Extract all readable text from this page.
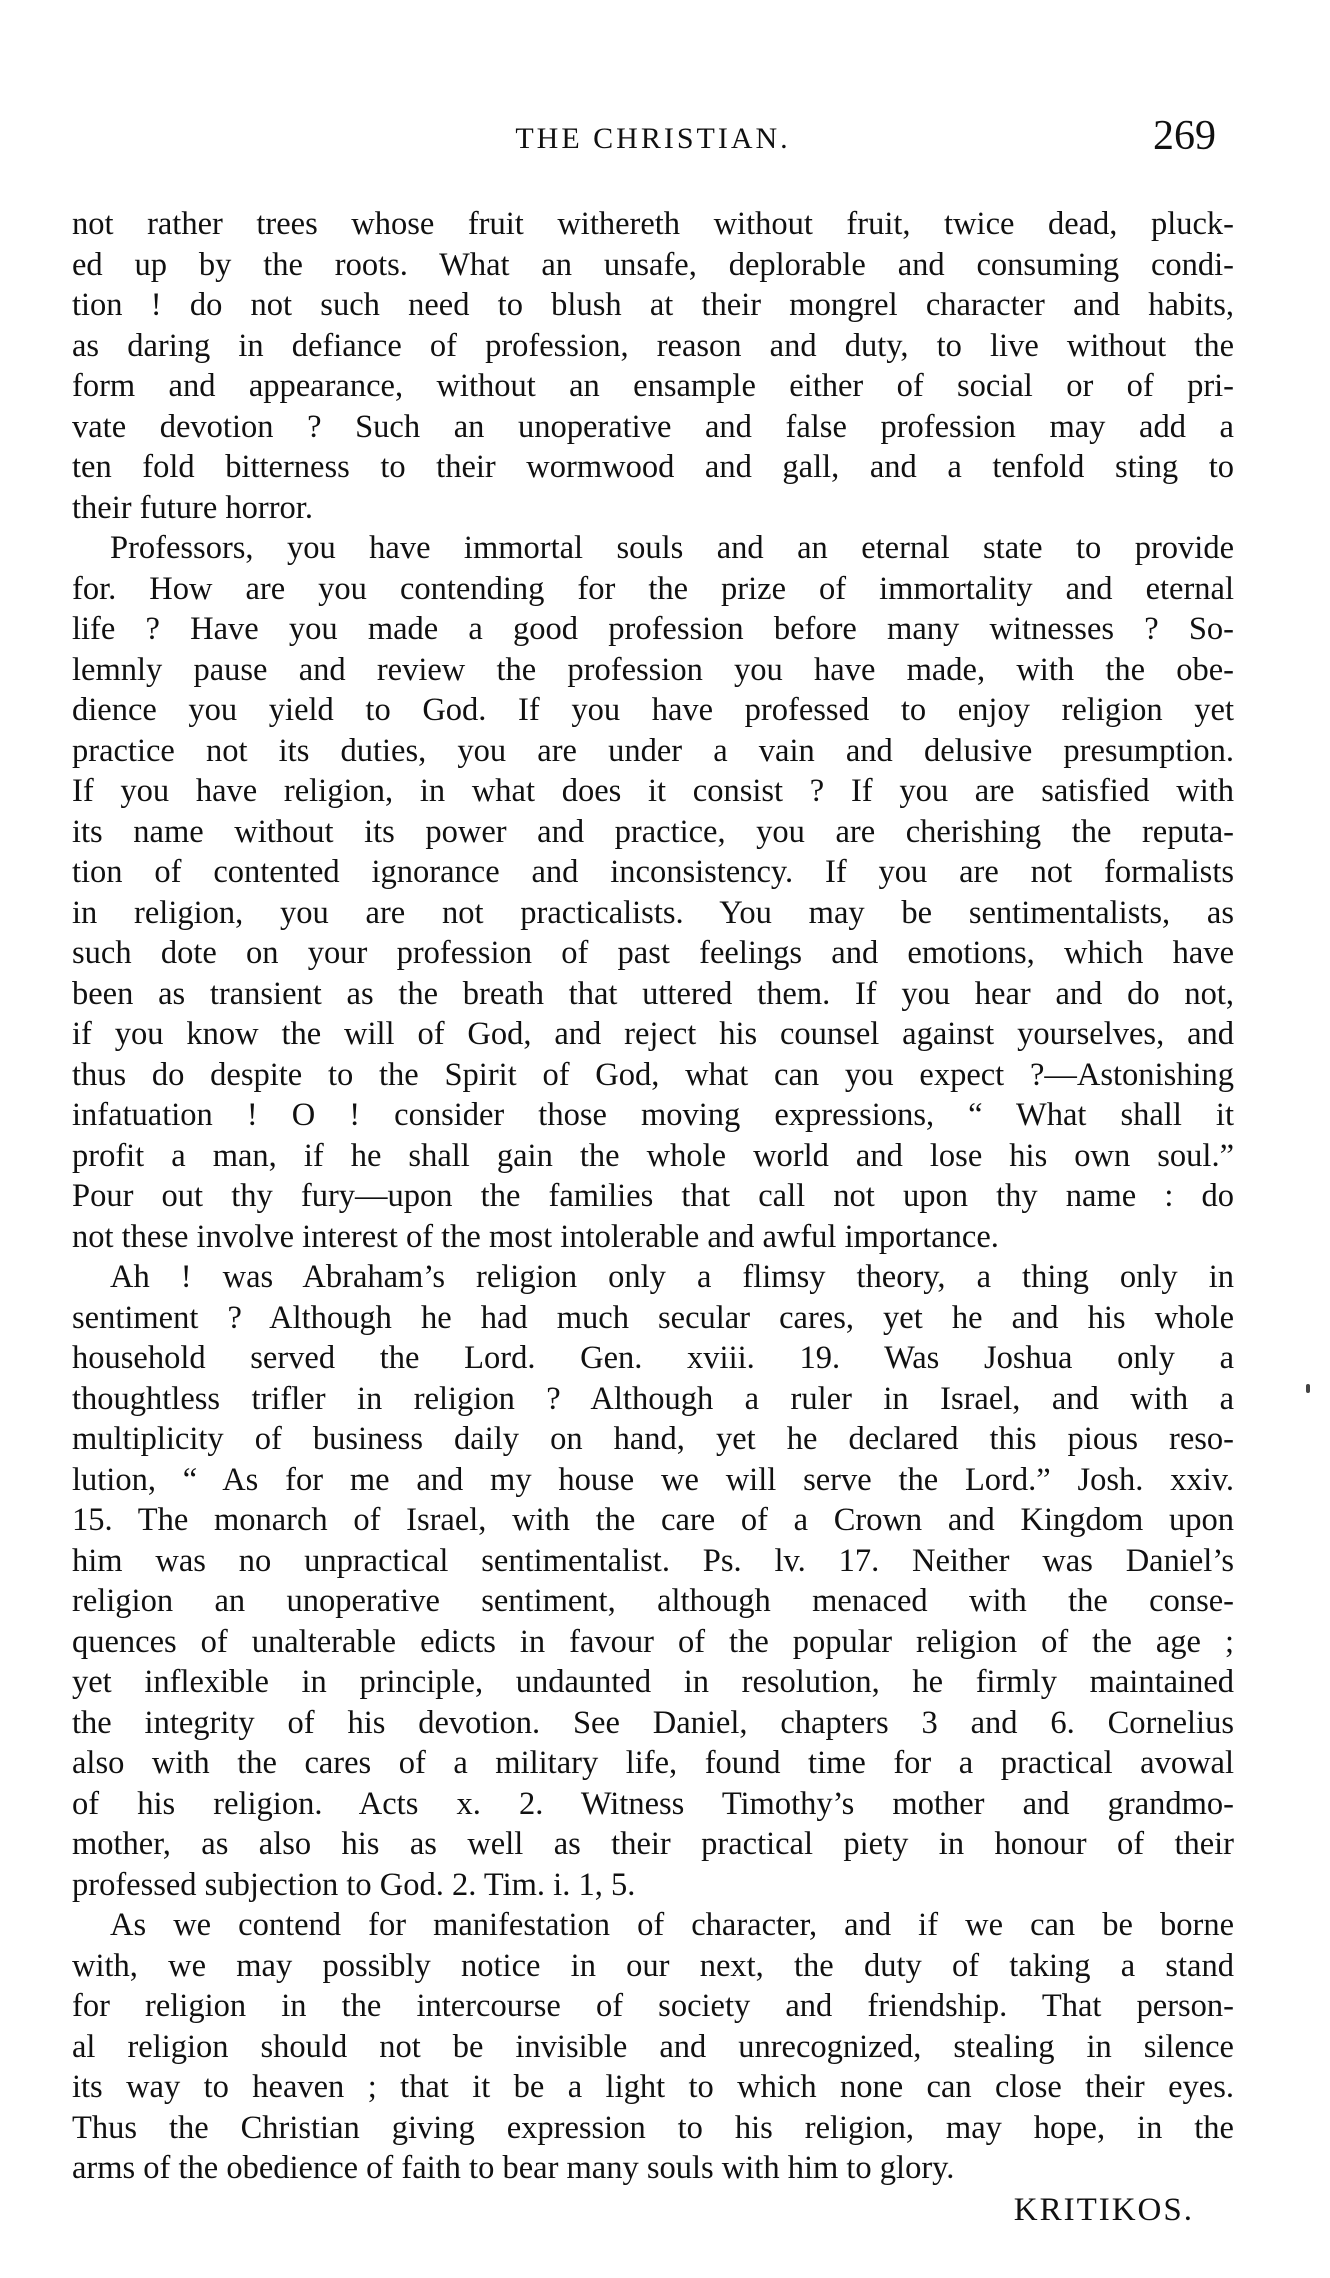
THE CHRISTIAN.	269
not rather trees whose fruit withereth without fruit, twice dead, pluck-
ed up by the roots. What an unsafe, deplorable and consuming condi-
tion ! do not such need to blush at their mongrel character and habits,
as daring in defiance of profession, reason and duty, to live without the
form and appearance, without an ensample either of social or of pri-
vate devotion ? Such an unoperative and false profession may add a
ten fold bitterness to their wormwood and gall, and a tenfold sting to
their future horror.
Professors, you have immortal souls and an eternal state to provide
for. How are you contending for the prize of immortality and eternal
life ? Have you made a good profession before many witnesses ? So-
lemnly pause and review the profession you have made, with the obe-
dience you yield to God. If you have professed to enjoy religion yet
practice not its duties, you are under a vain and delusive presumption.
If you have religion, in what does it consist ? If you are satisfied with
its name without its power and practice, you are cherishing the reputa-
tion of contented ignorance and inconsistency. If you are not formalists
in religion, you are not practicalists. You may be sentimentalists, as
such dote on your profession of past feelings and emotions, which have
been as transient as the breath that uttered them. If you hear and do not,
if you know the will of God, and reject his counsel against yourselves, and
thus do despite to the Spirit of God, what can you expect ?—Astonishing
infatuation ! O ! consider those moving expressions, “ What shall it
profit a man, if he shall gain the whole world and lose his own soul.”
Pour out thy fury—upon the families that call not upon thy name : do
not these involve interest of the most intolerable and awful importance.
Ah ! was Abraham’s religion only a flimsy theory, a thing only in
sentiment ? Although he had much secular cares, yet he and his whole
household served the Lord. Gen. xviii. 19. Was Joshua only a
thoughtless trifler in religion ? Although a ruler in Israel, and with a
multiplicity of business daily on hand, yet he declared this pious reso-
lution, “ As for me and my house we will serve the Lord.” Josh. xxiv.
15. The monarch of Israel, with the care of a Crown and Kingdom upon
him was no unpractical sentimentalist. Ps. lv. 17. Neither was Daniel’s
religion an unoperative sentiment, although menaced with the conse-
quences of unalterable edicts in favour of the popular religion of the age ;
yet inflexible in principle, undaunted in resolution, he firmly maintained
the integrity of his devotion. See Daniel, chapters 3 and 6. Cornelius
also with the cares of a military life, found time for a practical avowal
of his religion. Acts x. 2. Witness Timothy’s mother and grandmo-
mother, as also his as well as their practical piety in honour of their
professed subjection to God. 2. Tim. i. 1, 5.
As we contend for manifestation of character, and if we can be borne
with, we may possibly notice in our next, the duty of taking a stand
for religion in the intercourse of society and friendship. That person-
al religion should not be invisible and unrecognized, stealing in silence
its way to heaven ; that it be a light to which none can close their eyes.
Thus the Christian giving expression to his religion, may hope, in the
arms of the obedience of faith to bear many souls with him to glory.
KRITIKOS.
